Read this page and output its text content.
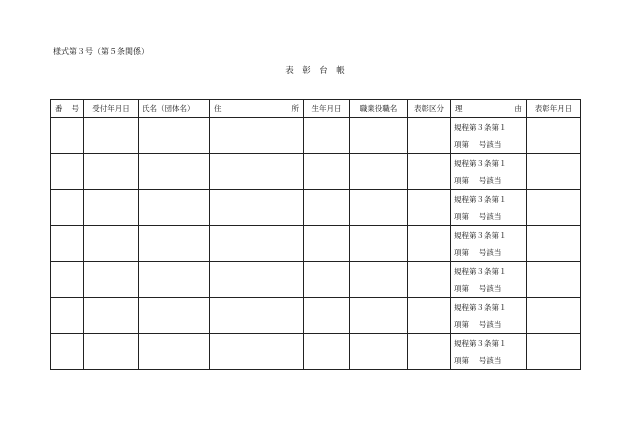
様式第３号（第５条関係）
表　彰　台　帳
番　号	受付年月日	氏名（団体名）	住 所	生年月日	職業役職名	表彰区分	理 由	表彰年月日

							規程第３条第１
項第　 号該当	

							規程第３条第１
項第　 号該当	

							規程第３条第１
項第　 号該当	

							規程第３条第１
項第　 号該当	

							規程第３条第１
項第　 号該当	

							規程第３条第１
項第　 号該当	

							規程第３条第１
項第　 号該当	
